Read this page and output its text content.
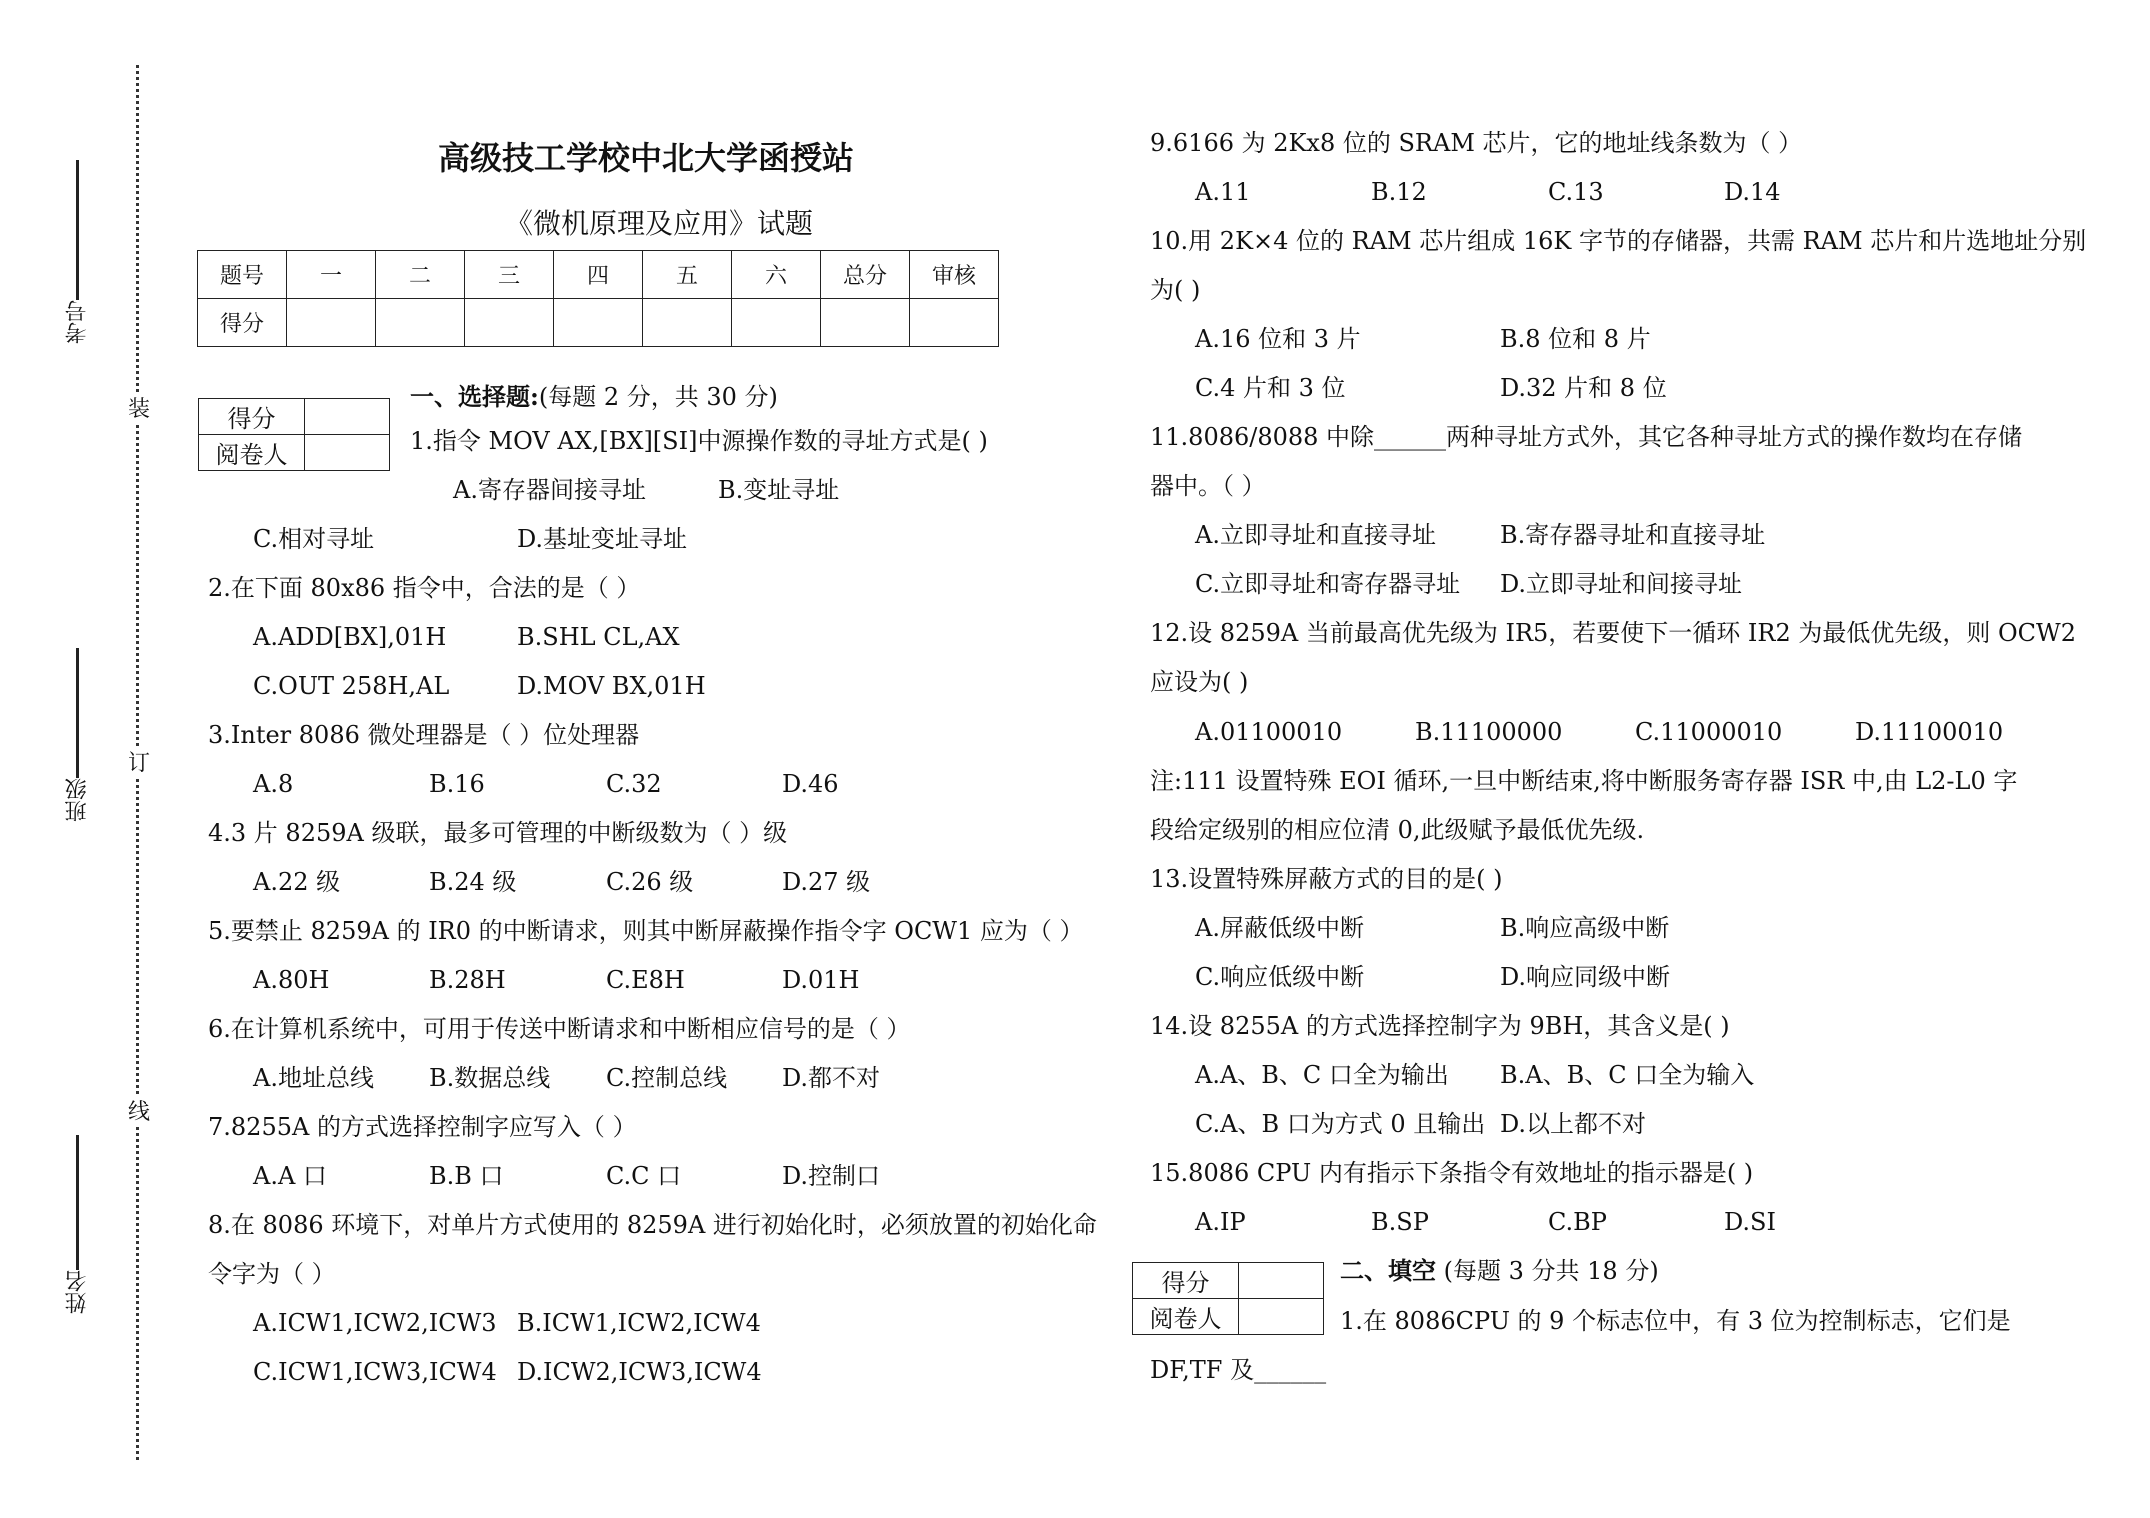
考号
班级
姓名
装
订
线
高级技工学校中北大学函授站
《微机原理及应用》试题
题号	一	二	三	四	五	六	总分	审核
得分								
得分	
阅卷人	
一、选择题:(每题 2 分，共 30 分)
1.指令 MOV AX,[BX][SI]中源操作数的寻址方式是( )
A.寄存器间接寻址	B.变址寻址
C.相对寻址	D.基址变址寻址
2.在下面 80x86 指令中，合法的是（ ）
A.ADD[BX],01H	B.SHL CL,AX
C.OUT 258H,AL	D.MOV BX,01H
3.Inter 8086 微处理器是（ ）位处理器
A.8	B.16	C.32	D.46
4.3 片 8259A 级联，最多可管理的中断级数为（ ）级
A.22 级	B.24 级	C.26 级	D.27 级
5.要禁止 8259A 的 IR0 的中断请求，则其中断屏蔽操作指令字 OCW1 应为（ ）
A.80H	B.28H	C.E8H	D.01H
6.在计算机系统中，可用于传送中断请求和中断相应信号的是（ ）
A.地址总线 B.数据总线 C.控制总线 D.都不对
7.8255A 的方式选择控制字应写入（ ）
A.A 口	B.B 口	C.C 口	D.控制口
8.在 8086 环境下，对单片方式使用的 8259A 进行初始化时，必须放置的初始化命
令字为（ ）
A.ICW1,ICW2,ICW3 B.ICW1,ICW2,ICW4
C.ICW1,ICW3,ICW4 D.ICW2,ICW3,ICW4
9.6166 为 2Kx8 位的 SRAM 芯片，它的地址线条数为（ ）
A.11	B.12	C.13	D.14
10.用 2K×4 位的 RAM 芯片组成 16K 字节的存储器，共需 RAM 芯片和片选地址分别
为( )
A.16 位和 3 片	B.8 位和 8 片
C.4 片和 3 位	D.32 片和 8 位
11.8086/8088 中除______两种寻址方式外，其它各种寻址方式的操作数均在存储
器中。（ ）
A.立即寻址和直接寻址	B.寄存器寻址和直接寻址
C.立即寻址和寄存器寻址 D.立即寻址和间接寻址
12.设 8259A 当前最高优先级为 IR5，若要使下一循环 IR2 为最低优先级，则 OCW2
应设为( )
A.01100010	B.11100000	C.11000010	D.11100010
注:111 设置特殊 EOI 循环,一旦中断结束,将中断服务寄存器 ISR 中,由 L2-L0 字
段给定级别的相应位清 0,此级赋予最低优先级.
13.设置特殊屏蔽方式的目的是( )
A.屏蔽低级中断	B.响应高级中断
C.响应低级中断	D.响应同级中断
14.设 8255A 的方式选择控制字为 9BH，其含义是( )
A.A、B、C 口全为输出 B.A、B、C 口全为输入
C.A、B 口为方式 0 且输出 D.以上都不对
15.8086 CPU 内有指示下条指令有效地址的指示器是( )
A.IP	B.SP	C.BP	D.SI
得分	
阅卷人	
二、填空 (每题 3 分共 18 分)
1.在 8086CPU 的 9 个标志位中，有 3 位为控制标志，它们是
DF,TF 及______
